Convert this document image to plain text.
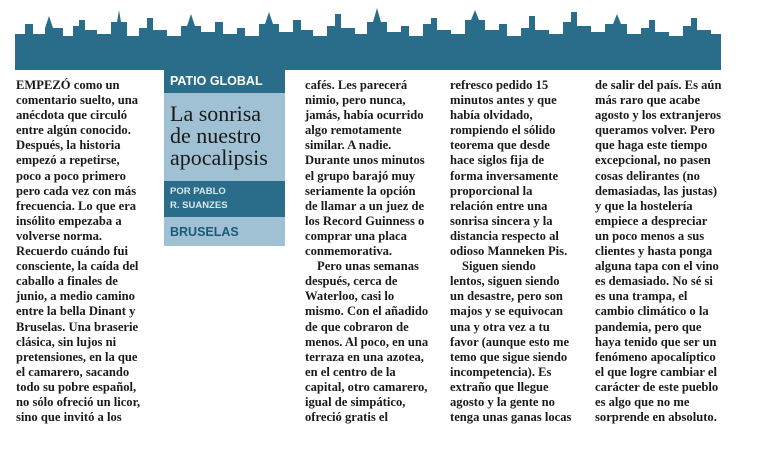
EMPEZÓ como un
comentario suelto, una
anécdota que circuló
entre algún conocido.
Después, la historia
empezó a repetirse,
poco a poco primero
pero cada vez con más
frecuencia. Lo que era
insólito empezaba a
volverse norma.
Recuerdo cuándo fui
consciente, la caída del
caballo a finales de
junio, a medio camino
entre la bella Dinant y
Bruselas. Una braserie
clásica, sin lujos ni
pretensiones, en la que
el camarero, sacando
todo su pobre español,
no sólo ofreció un licor,
sino que invitó a los

PATIO GLOBAL
La sonrisa
de nuestro
apocalipsis
POR PABLO
R. SUANZES
BRUSELAS

cafés. Les parecerá
nimio, pero nunca,
jamás, había ocurrido
algo remotamente
similar. A nadie.
Durante unos minutos
el grupo barajó muy
seriamente la opción
de llamar a un juez de
los Record Guinness o
comprar una placa
conmemorativa.

Pero unas semanas
después, cerca de
Waterloo, casi lo
mismo. Con el añadido
de que cobraron de
menos. Al poco, en una
terraza en una azotea,
en el centro de la
capital, otro camarero,
igual de simpático,
ofreció gratis el

refresco pedido 15
minutos antes y que
había olvidado,
rompiendo el sólido
teorema que desde
hace siglos fija de
forma inversamente
proporcional la
relación entre una
sonrisa sincera y la
distancia respecto al
odioso Manneken Pis.

Siguen siendo
lentos, siguen siendo
un desastre, pero son
majos y se equivocan
una y otra vez a tu
favor (aunque esto me
temo que sigue siendo
incompetencia). Es
extraño que llegue
agosto y la gente no
tenga unas ganas locas

de salir del país. Es aún
más raro que acabe
agosto y los extranjeros
queramos volver. Pero
que haga este tiempo
excepcional, no pasen
cosas delirantes (no
demasiadas, las justas)
y que la hostelería
empiece a despreciar
un poco menos a sus
clientes y hasta ponga
alguna tapa con el vino
es demasiado. No sé si
es una trampa, el
cambio climático o la
pandemia, pero que
haya tenido que ser un
fenómeno apocalíptico
el que logre cambiar el
carácter de este pueblo
es algo que no me
sorprende en absoluto.
